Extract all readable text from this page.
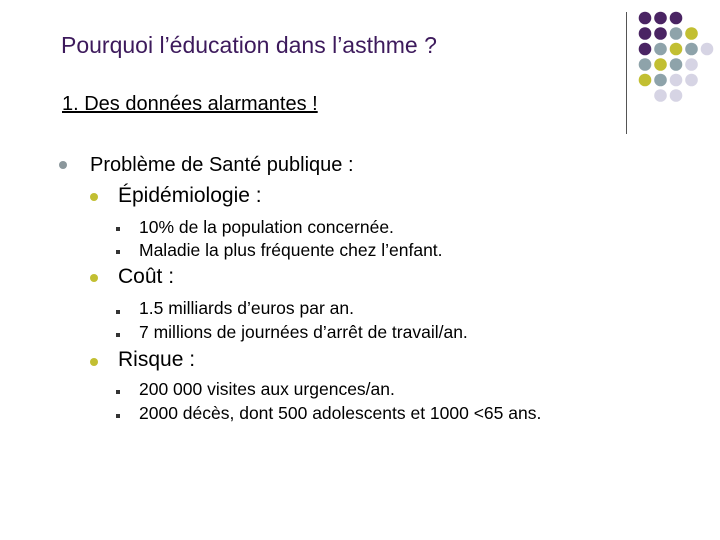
Pourquoi l’éducation dans l’asthme ?
1. Des données alarmantes !
Problème de Santé publique :
Épidémiologie :
10% de la population concernée.
Maladie la plus fréquente chez l’enfant.
Coût :
1.5 milliards d’euros par an.
7 millions de journées d’arrêt de travail/an.
Risque :
200 000 visites aux urgences/an.
2000 décès, dont 500 adolescents et 1000 <65 ans.
